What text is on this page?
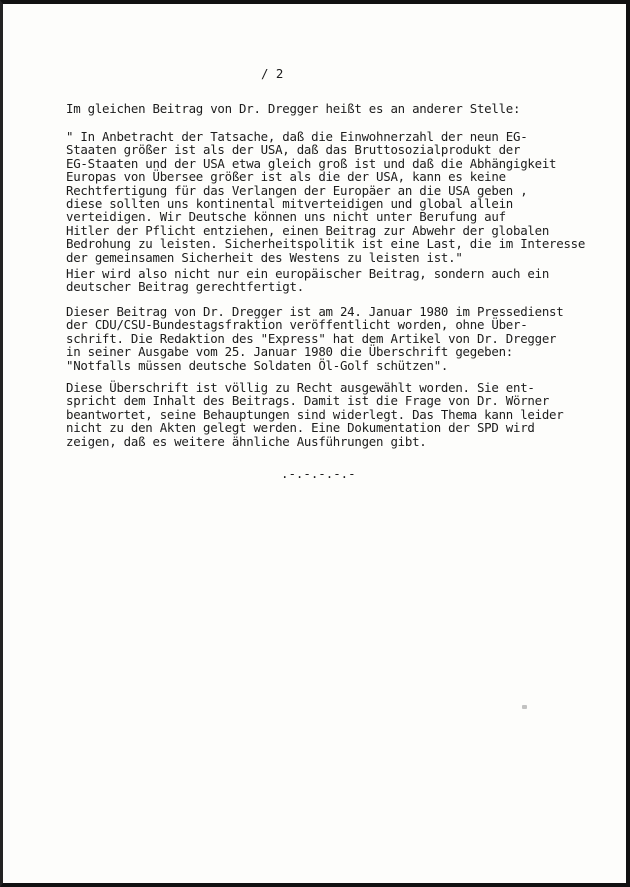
/ 2
Im gleichen Beitrag von Dr. Dregger heißt es an anderer Stelle:
" In Anbetracht der Tatsache, daß die Einwohnerzahl der neun EG-
Staaten größer ist als der USA, daß das Bruttosozialprodukt der
EG-Staaten und der USA etwa gleich groß ist und daß die Abhängigkeit
Europas von Übersee größer ist als die der USA, kann es keine
Rechtfertigung für das Verlangen der Europäer an die USA geben ,
diese sollten uns kontinental mitverteidigen und global allein
verteidigen. Wir Deutsche können uns nicht unter Berufung auf
Hitler der Pflicht entziehen, einen Beitrag zur Abwehr der globalen
Bedrohung zu leisten. Sicherheitspolitik ist eine Last, die im Interesse
der gemeinsamen Sicherheit des Westens zu leisten ist."
Hier wird also nicht nur ein europäischer Beitrag, sondern auch ein
deutscher Beitrag gerechtfertigt.
Dieser Beitrag von Dr. Dregger ist am 24. Januar 1980 im Pressedienst
der CDU/CSU-Bundestagsfraktion veröffentlicht worden, ohne Über-
schrift. Die Redaktion des "Express" hat dem Artikel von Dr. Dregger
in seiner Ausgabe vom 25. Januar 1980 die Überschrift gegeben:
"Notfalls müssen deutsche Soldaten Öl-Golf schützen".
Diese Überschrift ist völlig zu Recht ausgewählt worden. Sie ent-
spricht dem Inhalt des Beitrags. Damit ist die Frage von Dr. Wörner
beantwortet, seine Behauptungen sind widerlegt. Das Thema kann leider
nicht zu den Akten gelegt werden. Eine Dokumentation der SPD wird
zeigen, daß es weitere ähnliche Ausführungen gibt.
.-.-.-.-.-
